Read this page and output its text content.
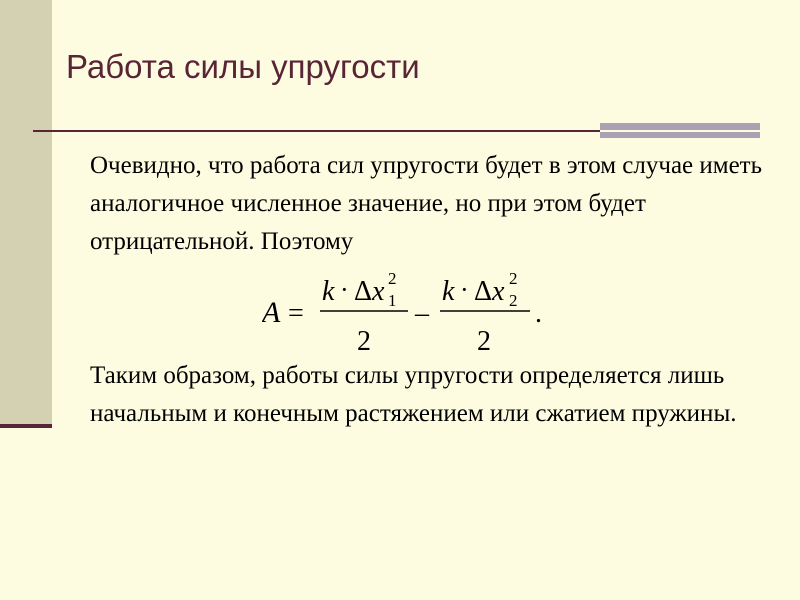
Работа силы упругости

Очевидно, что работа сил упругости будет в этом случае иметь аналогичное численное значение, но при этом будет отрицательной. Поэтому

A =
k · Δ x 1
2
2
–
k · Δ x 2
2
2
.

Таким образом, работы силы упругости определяется лишь начальным и конечным растяжением или сжатием пружины.
